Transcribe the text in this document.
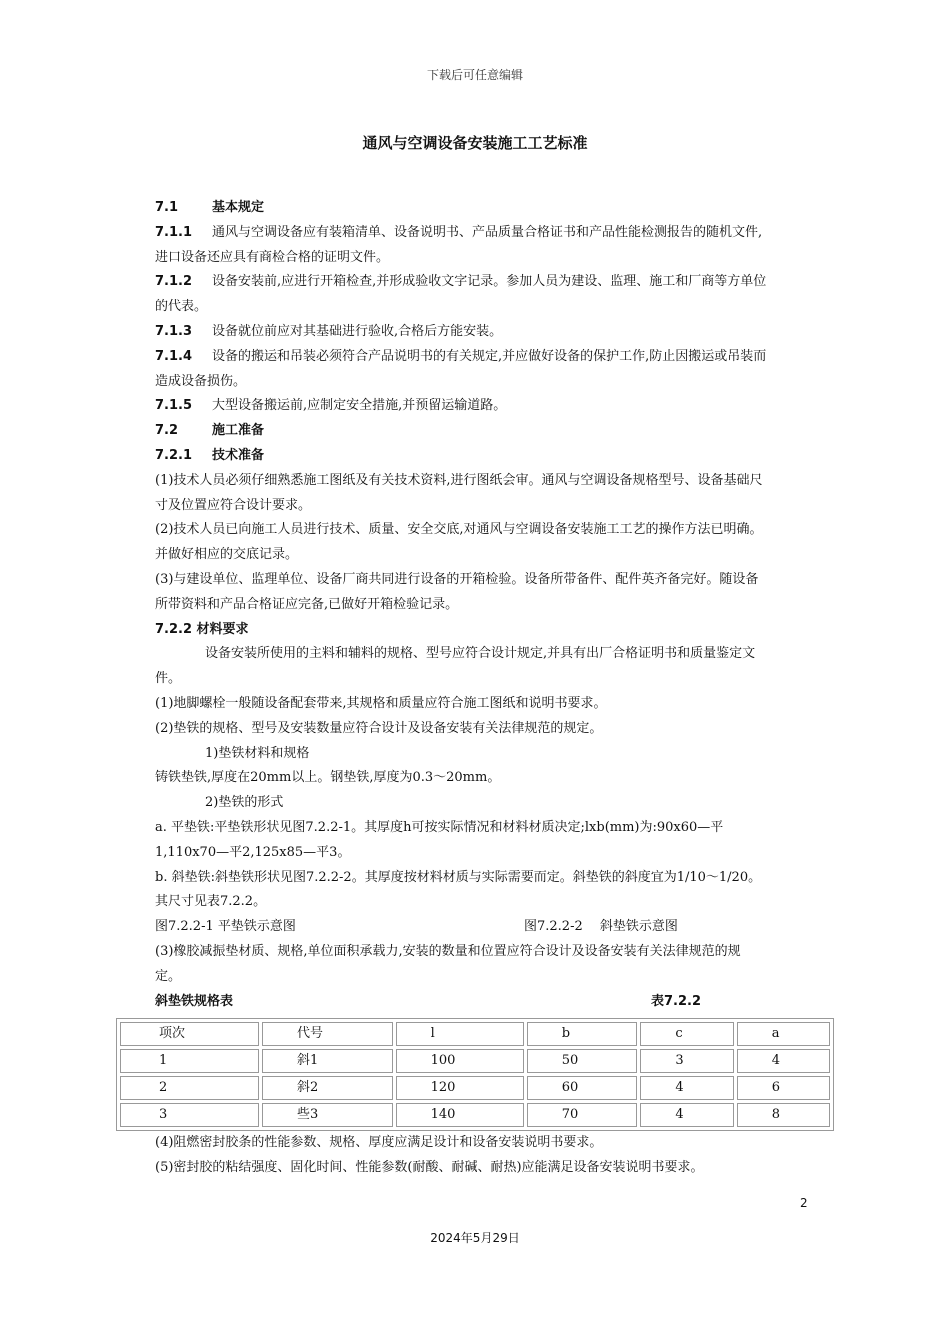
下载后可任意编辑
通风与空调设备安装施工工艺标准

7.1	基本规定

7.1.1 通风与空调设备应有装箱清单、设备说明书、产品质量合格证书和产品性能检测报告的随机文件,

进口设备还应具有商检合格的证明文件。

7.1.2 设备安装前,应进行开箱检查,并形成验收文字记录。参加人员为建设、监理、施工和厂商等方单位

的代表。

7.1.3 设备就位前应对其基础进行验收,合格后方能安装。

7.1.4 设备的搬运和吊装必须符合产品说明书的有关规定,并应做好设备的保护工作,防止因搬运或吊装而

造成设备损伤。

7.1.5 大型设备搬运前,应制定安全措施,并预留运输道路。

7.2	施工准备

7.2.1 技术准备

(1)技术人员必须仔细熟悉施工图纸及有关技术资料,进行图纸会审。通风与空调设备规格型号、设备基础尺

寸及位置应符合设计要求。

(2)技术人员已向施工人员进行技术、质量、安全交底,对通风与空调设备安装施工工艺的操作方法已明确。

并做好相应的交底记录。

(3)与建设单位、监理单位、设备厂商共同进行设备的开箱检验。设备所带备件、配件英齐备完好。随设备

所带资料和产品合格证应完备,已做好开箱检验记录。

7.2.2 材料要求

设备安装所使用的主料和辅料的规格、型号应符合设计规定,并具有出厂合格证明书和质量鉴定文

件。

(1)地脚螺栓一般随设备配套带来,其规格和质量应符合施工图纸和说明书要求。

(2)垫铁的规格、型号及安装数量应符合设计及设备安装有关法律规范的规定。

1)垫铁材料和规格

铸铁垫铁,厚度在20mm以上。钢垫铁,厚度为0.3～20mm。

2)垫铁的形式

a. 平垫铁:平垫铁形状见图7.2.2-1。其厚度h可按实际情况和材料材质决定;lxb(mm)为:90x60—平

1,110x70—平2,125x85—平3。

b. 斜垫铁:斜垫铁形状见图7.2.2-2。其厚度按材料材质与实际需要而定。斜垫铁的斜度宜为1/10～1/20。

其尺寸见表7.2.2。

图7.2.2-1 平垫铁示意图	图7.2.2-2　 斜垫铁示意图

(3)橡胶减振垫材质、规格,单位面积承载力,安装的数量和位置应符合设计及设备安装有关法律规范的规

定。

斜垫铁规格表	表7.2.2
项次	代号	l	b	c	a
1	斜1	100	50	3	4
2	斜2	120	60	4	6
3	些3	140	70	4	8

(4)阻燃密封胶条的性能参数、规格、厚度应满足设计和设备安装说明书要求。

(5)密封胶的粘结强度、固化时间、性能参数(耐酸、耐碱、耐热)应能满足设备安装说明书要求。

2
2024年5月29日
